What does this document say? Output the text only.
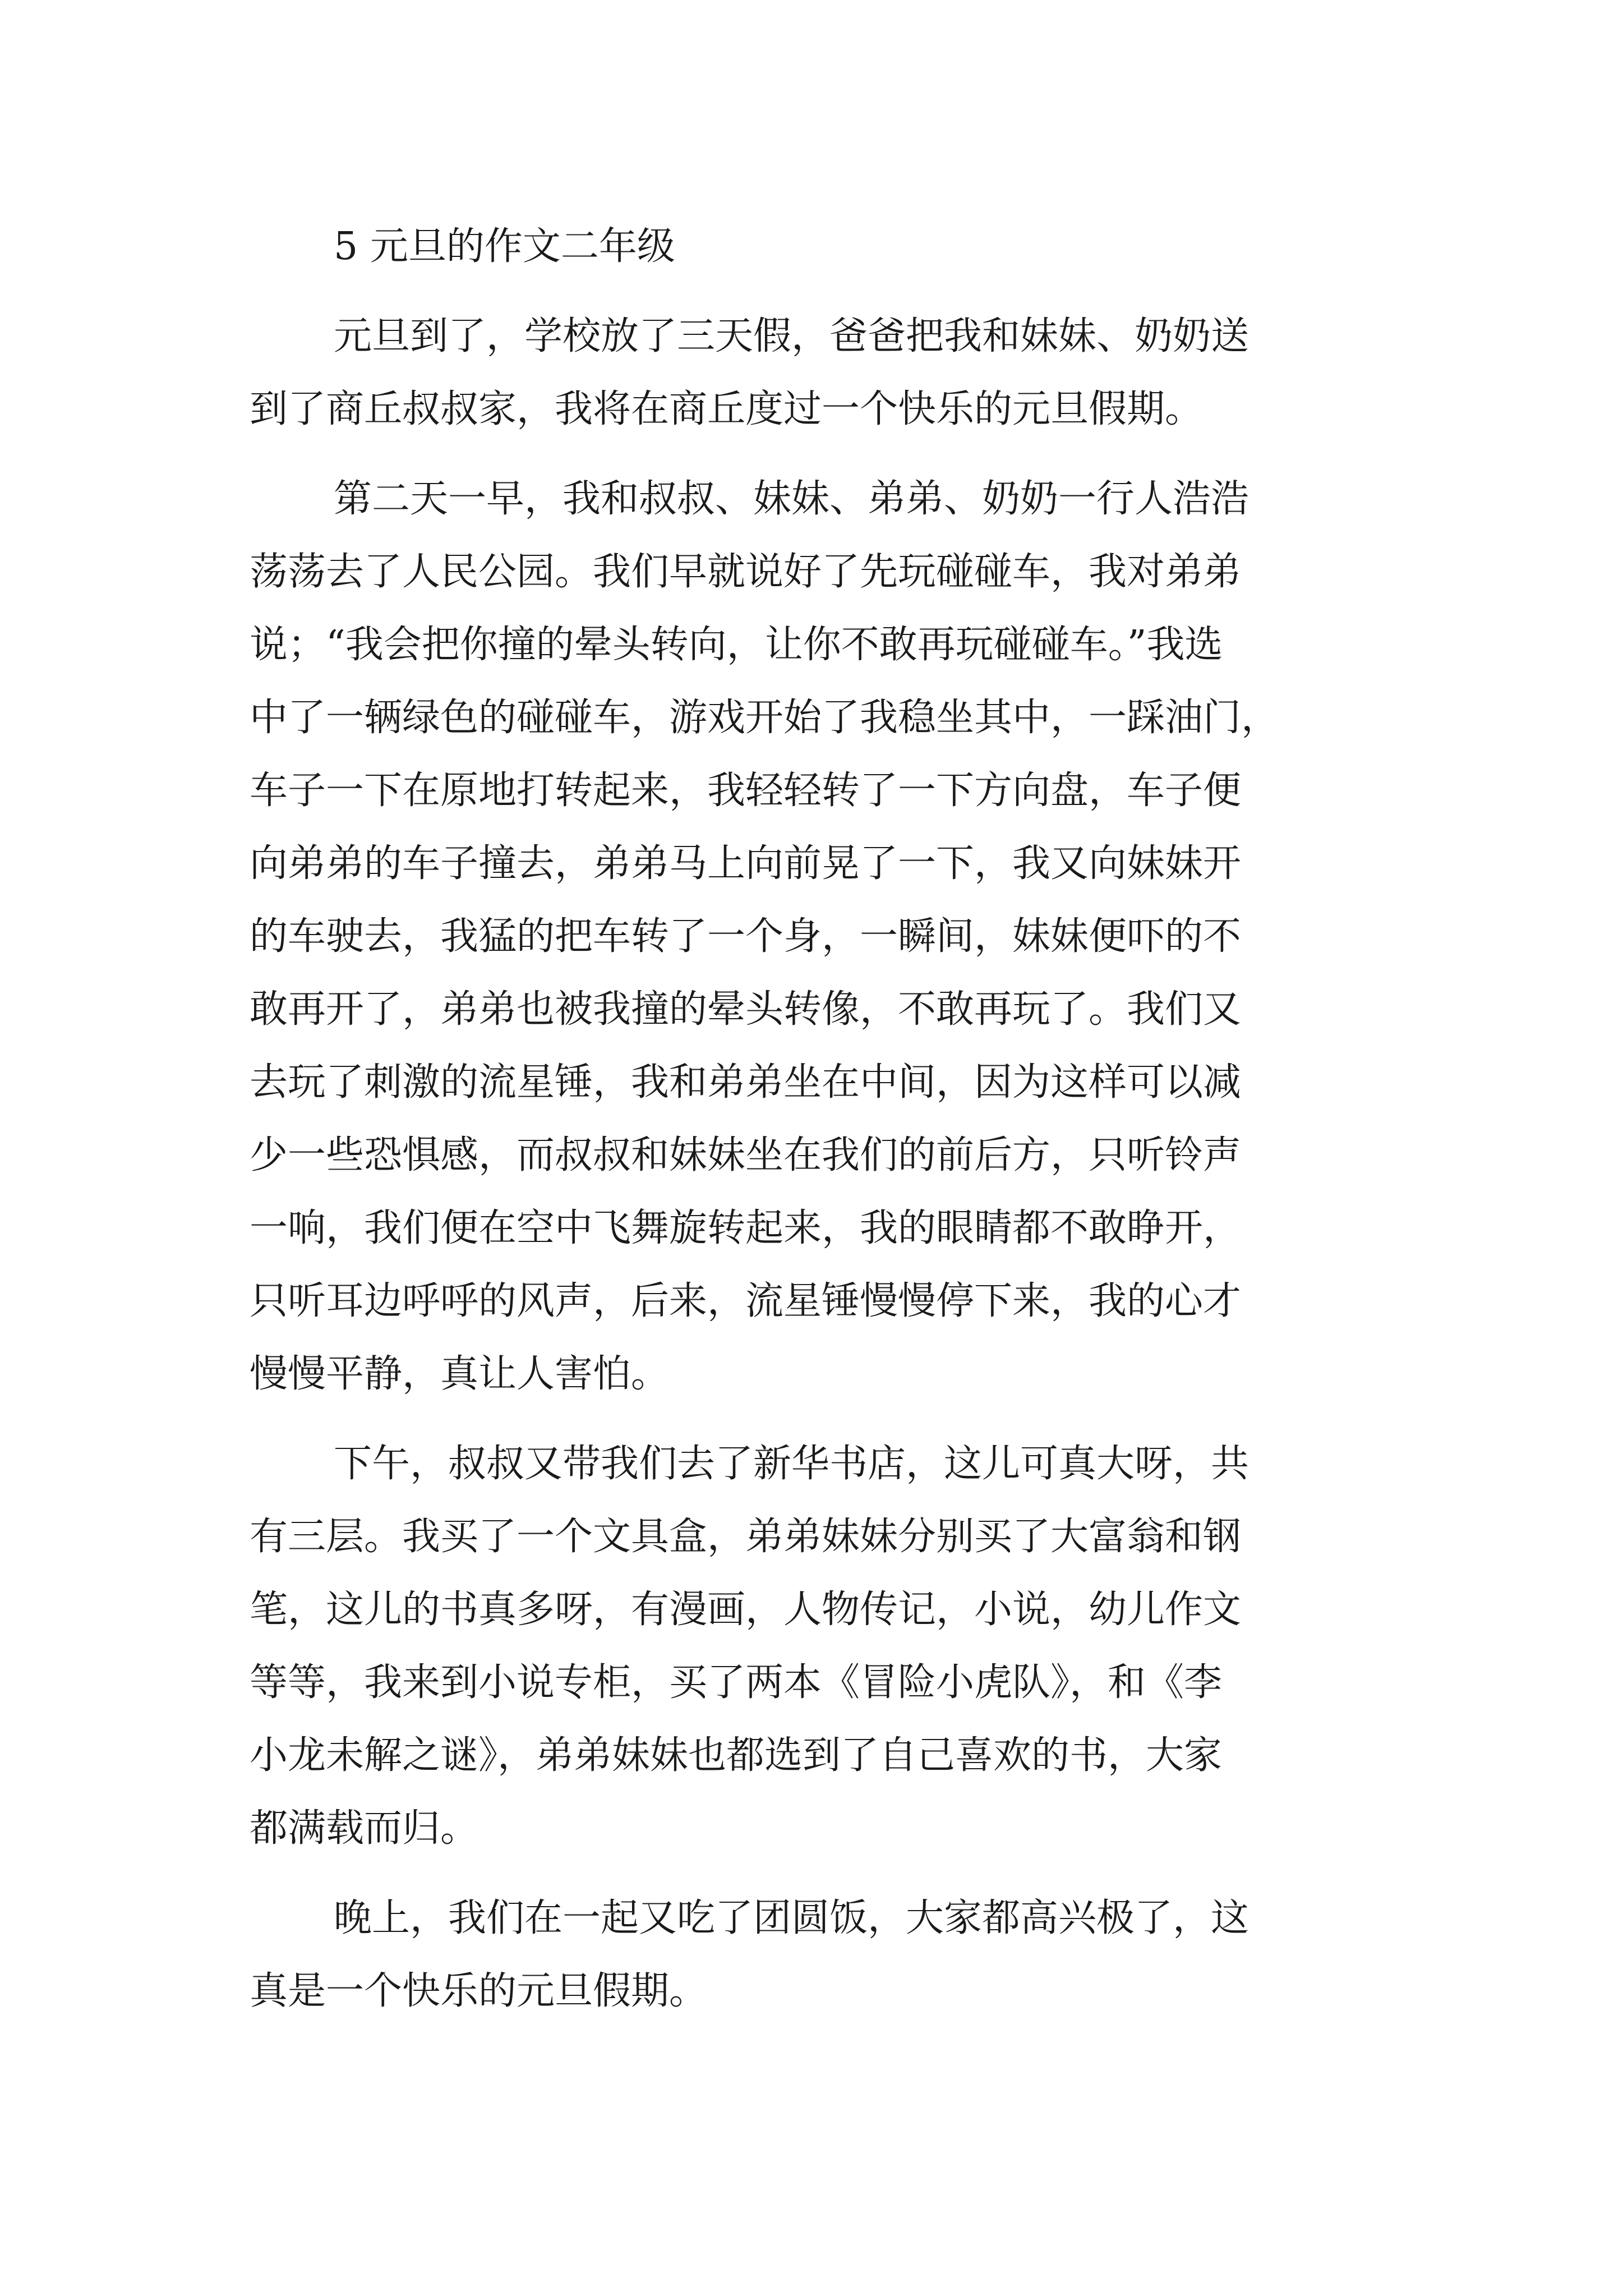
5 元旦的作文二年级
元旦到了，学校放了三天假，爸爸把我和妹妹、奶奶送
到了商丘叔叔家，我将在商丘度过一个快乐的元旦假期。
第二天一早，我和叔叔、妹妹、弟弟、奶奶一行人浩浩
荡荡去了人民公园。我们早就说好了先玩碰碰车，我对弟弟
说；“我会把你撞的晕头转向，让你不敢再玩碰碰车。”我选
中了一辆绿色的碰碰车，游戏开始了我稳坐其中，一踩油门，
车子一下在原地打转起来，我轻轻转了一下方向盘，车子便
向弟弟的车子撞去，弟弟马上向前晃了一下，我又向妹妹开
的车驶去，我猛的把车转了一个身，一瞬间，妹妹便吓的不
敢再开了，弟弟也被我撞的晕头转像，不敢再玩了。我们又
去玩了刺激的流星锤，我和弟弟坐在中间，因为这样可以减
少一些恐惧感，而叔叔和妹妹坐在我们的前后方，只听铃声
一响，我们便在空中飞舞旋转起来，我的眼睛都不敢睁开，
只听耳边呼呼的风声，后来，流星锤慢慢停下来，我的心才
慢慢平静，真让人害怕。
下午，叔叔又带我们去了新华书店，这儿可真大呀，共
有三层。我买了一个文具盒，弟弟妹妹分别买了大富翁和钢
笔，这儿的书真多呀，有漫画，人物传记，小说，幼儿作文
等等，我来到小说专柜，买了两本《冒险小虎队》，和《李
小龙未解之谜》，弟弟妹妹也都选到了自己喜欢的书，大家
都满载而归。
晚上，我们在一起又吃了团圆饭，大家都高兴极了，这
真是一个快乐的元旦假期。
